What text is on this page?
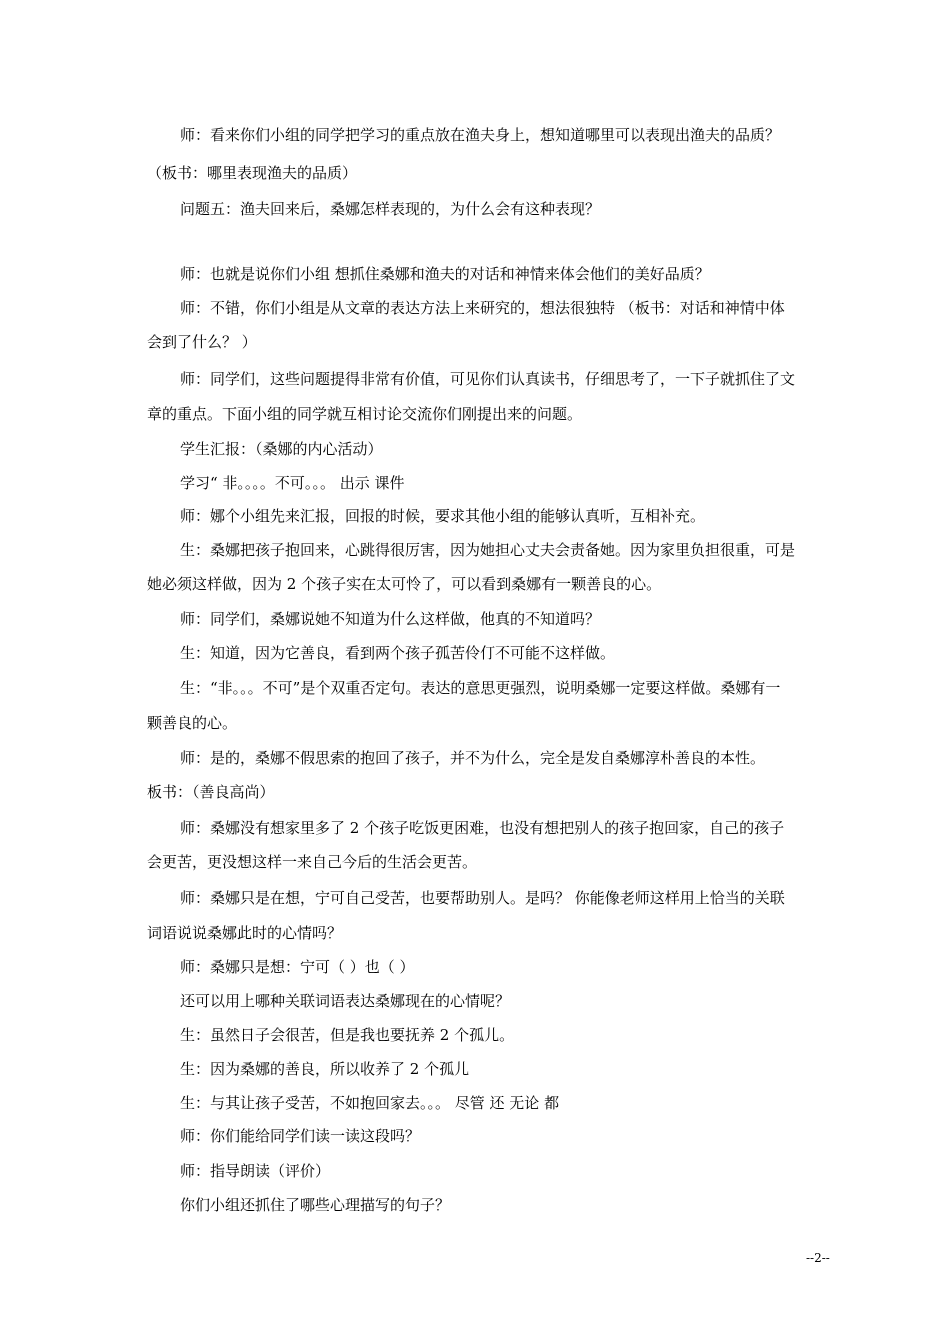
师：看来你们小组的同学把学习的重点放在渔夫身上，想知道哪里可以表现出渔夫的品质？
（板书：哪里表现渔夫的品质）
问题五：渔夫回来后，桑娜怎样表现的，为什么会有这种表现？
师：也就是说你们小组 想抓住桑娜和渔夫的对话和神情来体会他们的美好品质？
师：不错，你们小组是从文章的表达方法上来研究的，想法很独特 （板书：对话和神情中体
会到了什么？ ）
师：同学们，这些问题提得非常有价值，可见你们认真读书，仔细思考了，一下子就抓住了文
章的重点。下面小组的同学就互相讨论交流你们刚提出来的问题。
学生汇报：（桑娜的内心活动）
学习“ 非。。。。不可。。。 出示 课件
师：娜个小组先来汇报，回报的时候，要求其他小组的能够认真听，互相补充。
生：桑娜把孩子抱回来，心跳得很厉害，因为她担心丈夫会责备她。因为家里负担很重，可是
她必须这样做，因为 2 个孩子实在太可怜了，可以看到桑娜有一颗善良的心。
师：同学们，桑娜说她不知道为什么这样做，他真的不知道吗？
生：知道，因为它善良，看到两个孩子孤苦伶仃不可能不这样做。
生：“非。。。不可”是个双重否定句。表达的意思更强烈，说明桑娜一定要这样做。桑娜有一
颗善良的心。
师：是的，桑娜不假思索的抱回了孩子，并不为什么，完全是发自桑娜淳朴善良的本性。
板书：（善良高尚）
师：桑娜没有想家里多了 2 个孩子吃饭更困难，也没有想把别人的孩子抱回家，自己的孩子
会更苦，更没想这样一来自己今后的生活会更苦。
师：桑娜只是在想，宁可自己受苦，也要帮助别人。是吗？ 你能像老师这样用上恰当的关联
词语说说桑娜此时的心情吗？
师：桑娜只是想：宁可（ ）也（ ）
还可以用上哪种关联词语表达桑娜现在的心情呢？
生：虽然日子会很苦，但是我也要抚养 2 个孤儿。
生：因为桑娜的善良，所以收养了 2 个孤儿
生：与其让孩子受苦，不如抱回家去。。。 尽管 还 无论 都
师：你们能给同学们读一读这段吗？
师：指导朗读（评价）
你们小组还抓住了哪些心理描写的句子？
--2--
